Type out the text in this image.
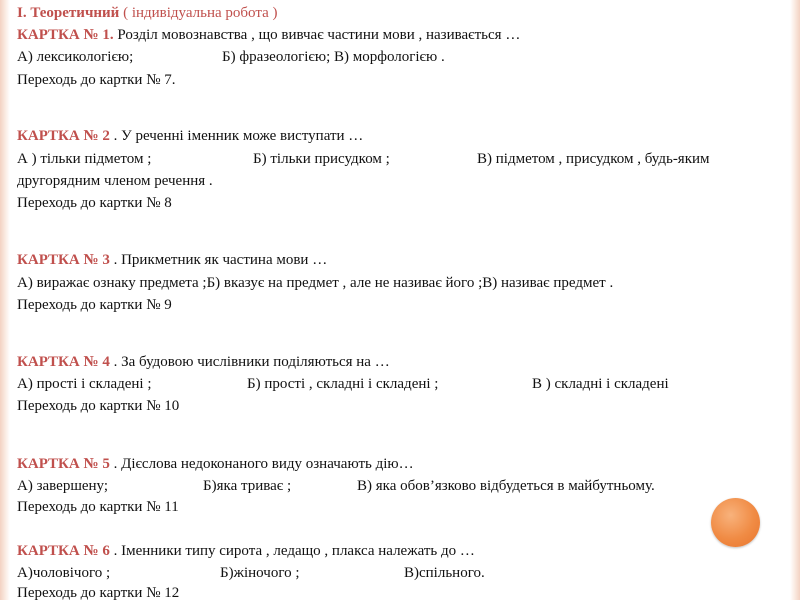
І. Теоретичний ( індивідуальна робота )
КАРТКА № 1. Розділ мовознавства , що вивчає частини мови , називається …
А) лексикологією;	Б) фразеологією; В) морфологією .
Переходь до картки № 7.
КАРТКА № 2 . У реченні іменник може виступати …
А ) тільки підметом ;	Б) тільки присудком ;	В) підметом , присудком , будь-яким
другорядним членом речення .
Переходь до картки № 8
КАРТКА № 3 . Прикметник як частина мови …
А) виражає ознаку предмета ;Б) вказує на предмет , але не називає його ;В) називає предмет .
Переходь до картки № 9
КАРТКА № 4 . За будовою числівники поділяються на …
А) прості і складені ;	Б) прості , складні і складені ;	В ) складні і складені
Переходь до картки № 10
КАРТКА № 5 . Дієслова недоконаного виду означають дію…
А) завершену;	Б)яка триває ;	В) яка обов’язково відбудеться в майбутньому.
Переходь до картки № 11
КАРТКА № 6 . Іменники типу сирота , ледащо , плакса належать до …
А)чоловічого ;	Б)жіночого ;	В)спільного.
Переходь до картки № 12
